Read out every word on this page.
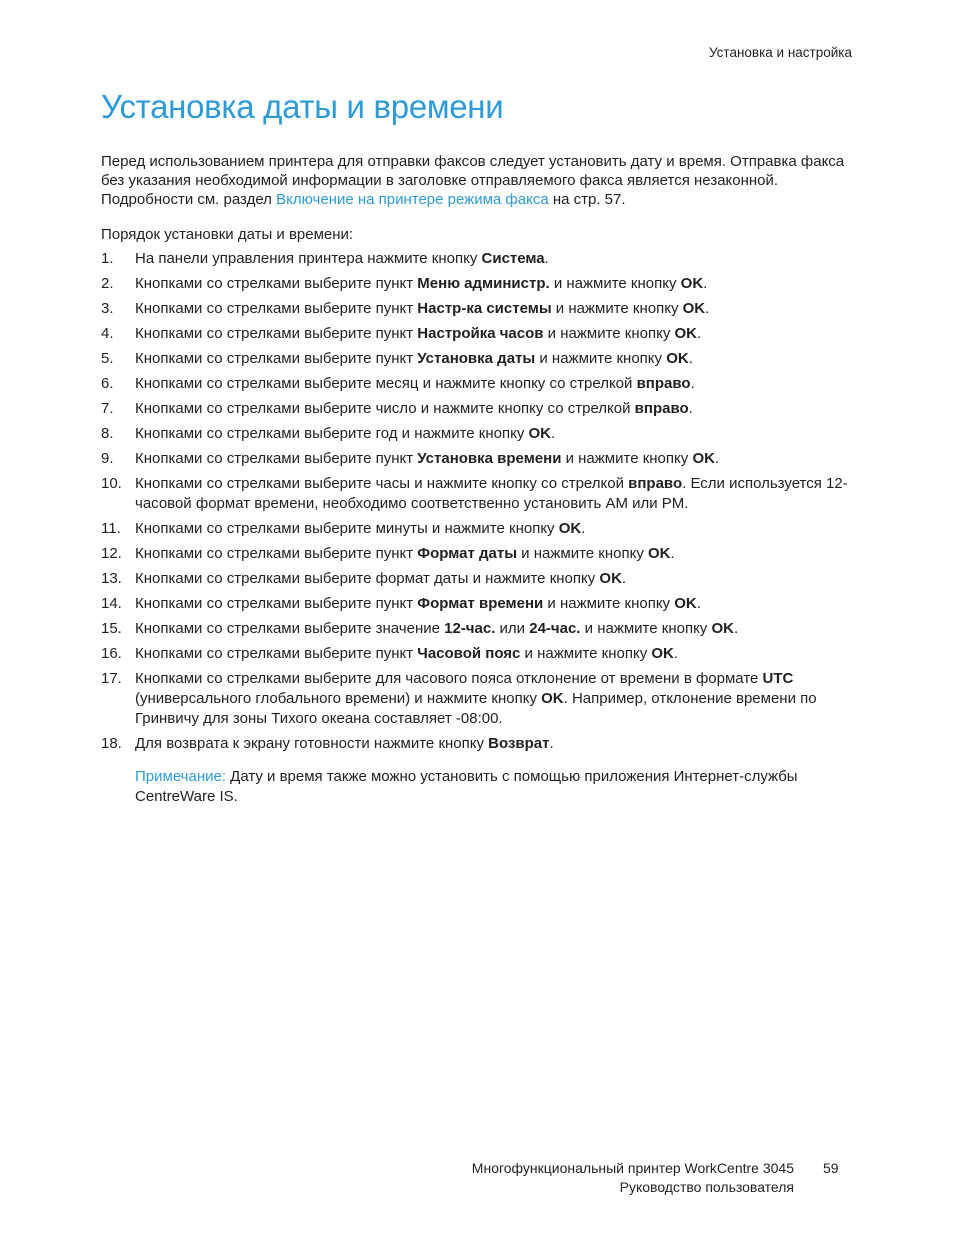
Установка и настройка
Установка даты и времени

Перед использованием принтера для отправки факсов следует установить дату и время. Отправка факса без указания необходимой информации в заголовке отправляемого факса является незаконной. Подробности см. раздел Включение на принтере режима факса на стр. 57.

Порядок установки даты и времени:

1. На панели управления принтера нажмите кнопку Система.
2. Кнопками со стрелками выберите пункт Меню администр. и нажмите кнопку OK.
3. Кнопками со стрелками выберите пункт Настр-ка системы и нажмите кнопку OK.
4. Кнопками со стрелками выберите пункт Настройка часов и нажмите кнопку OK.
5. Кнопками со стрелками выберите пункт Установка даты и нажмите кнопку OK.
6. Кнопками со стрелками выберите месяц и нажмите кнопку со стрелкой вправо.
7. Кнопками со стрелками выберите число и нажмите кнопку со стрелкой вправо.
8. Кнопками со стрелками выберите год и нажмите кнопку OK.
9. Кнопками со стрелками выберите пункт Установка времени и нажмите кнопку OK.
10. Кнопками со стрелками выберите часы и нажмите кнопку со стрелкой вправо. Если используется 12-часовой формат времени, необходимо соответственно установить AM или PM.
11. Кнопками со стрелками выберите минуты и нажмите кнопку OK.
12. Кнопками со стрелками выберите пункт Формат даты и нажмите кнопку OK.
13. Кнопками со стрелками выберите формат даты и нажмите кнопку OK.
14. Кнопками со стрелками выберите пункт Формат времени и нажмите кнопку OK.
15. Кнопками со стрелками выберите значение 12-час. или 24-час. и нажмите кнопку OK.
16. Кнопками со стрелками выберите пункт Часовой пояс и нажмите кнопку OK.
17. Кнопками со стрелками выберите для часового пояса отклонение от времени в формате UTC (универсального глобального времени) и нажмите кнопку OK. Например, отклонение времени по Гринвичу для зоны Тихого океана составляет -08:00.
18. Для возврата к экрану готовности нажмите кнопку Возврат.

Примечание: Дату и время также можно установить с помощью приложения Интернет-службы CentreWare IS.

Многофункциональный принтер WorkCentre 3045
Руководство пользователя
59
